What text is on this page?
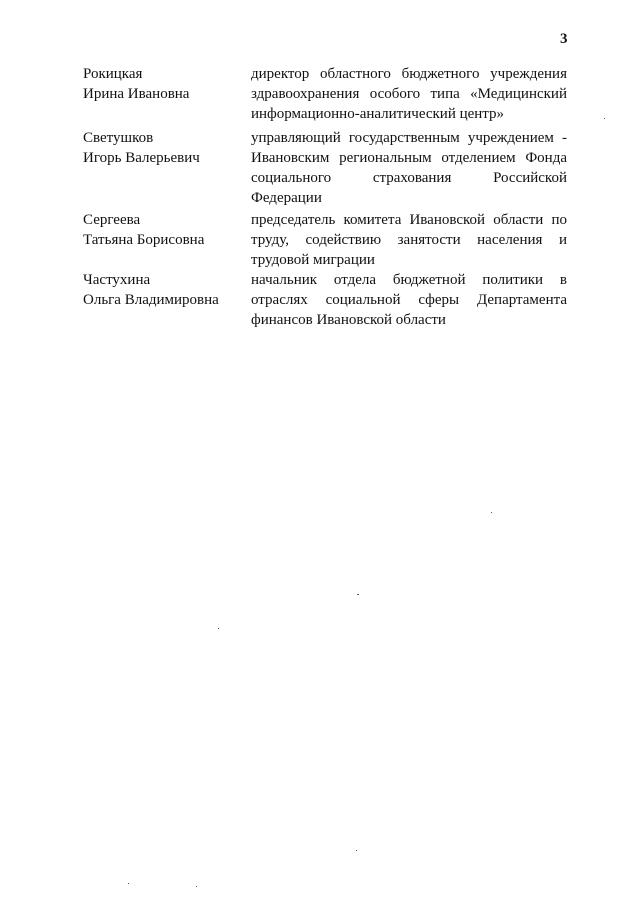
3
Рокицкая
Ирина Ивановна
директор областного бюджетного учреждения
здравоохранения особого типа «Медицинский
информационно-аналитический центр»
Светушков
Игорь Валерьевич
управляющий государственным учреждением -
Ивановским региональным отделением Фонда
социального	страхования	Российской
Федерации
Сергеева
Татьяна Борисовна
председатель комитета Ивановской области по
труду, содействию занятости населения и
трудовой миграции
Частухина
Ольга Владимировна
начальник отдела бюджетной политики в
отраслях социальной сферы Департамента
финансов Ивановской области
